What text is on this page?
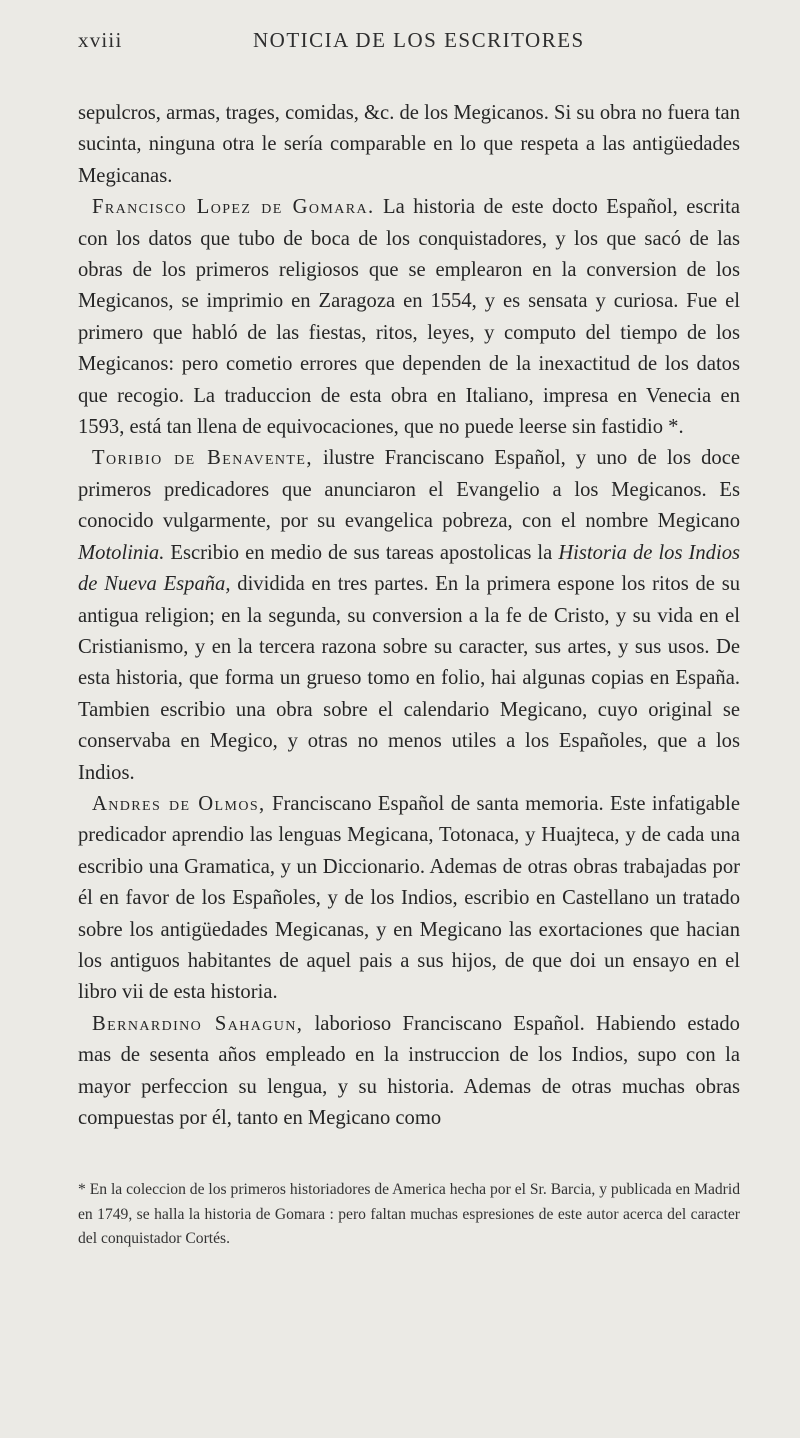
xviii	NOTICIA DE LOS ESCRITORES

sepulcros, armas, trages, comidas, &c. de los Megicanos. Si su obra no fuera tan sucinta, ninguna otra le sería comparable en lo que respeta a las antigüedades Megicanas.

Francisco Lopez de Gomara. La historia de este docto Español, escrita con los datos que tubo de boca de los conquistadores, y los que sacó de las obras de los primeros religiosos que se emplearon en la conversion de los Megicanos, se imprimio en Zaragoza en 1554, y es sensata y curiosa. Fue el primero que habló de las fiestas, ritos, leyes, y computo del tiempo de los Megicanos: pero cometio errores que dependen de la inexactitud de los datos que recogio. La traduccion de esta obra en Italiano, impresa en Venecia en 1593, está tan llena de equivocaciones, que no puede leerse sin fastidio *.

Toribio de Benavente, ilustre Franciscano Español, y uno de los doce primeros predicadores que anunciaron el Evangelio a los Megicanos. Es conocido vulgarmente, por su evangelica pobreza, con el nombre Megicano Motolinia. Escribio en medio de sus tareas apostolicas la Historia de los Indios de Nueva España, dividida en tres partes. En la primera espone los ritos de su antigua religion; en la segunda, su conversion a la fe de Cristo, y su vida en el Cristianismo, y en la tercera razona sobre su caracter, sus artes, y sus usos. De esta historia, que forma un grueso tomo en folio, hai algunas copias en España. Tambien escribio una obra sobre el calendario Megicano, cuyo original se conservaba en Megico, y otras no menos utiles a los Españoles, que a los Indios.

Andres de Olmos, Franciscano Español de santa memoria. Este infatigable predicador aprendio las lenguas Megicana, Totonaca, y Huajteca, y de cada una escribio una Gramatica, y un Diccionario. Ademas de otras obras trabajadas por él en favor de los Españoles, y de los Indios, escribio en Castellano un tratado sobre los antigüedades Megicanas, y en Megicano las exortaciones que hacian los antiguos habitantes de aquel pais a sus hijos, de que doi un ensayo en el libro vii de esta historia.

Bernardino Sahagun, laborioso Franciscano Español. Habiendo estado mas de sesenta años empleado en la instruccion de los Indios, supo con la mayor perfeccion su lengua, y su historia. Ademas de otras muchas obras compuestas por él, tanto en Megicano como

* En la coleccion de los primeros historiadores de America hecha por el Sr. Barcia, y publicada en Madrid en 1749, se halla la historia de Gomara : pero faltan muchas espresiones de este autor acerca del caracter del conquistador Cortés.
